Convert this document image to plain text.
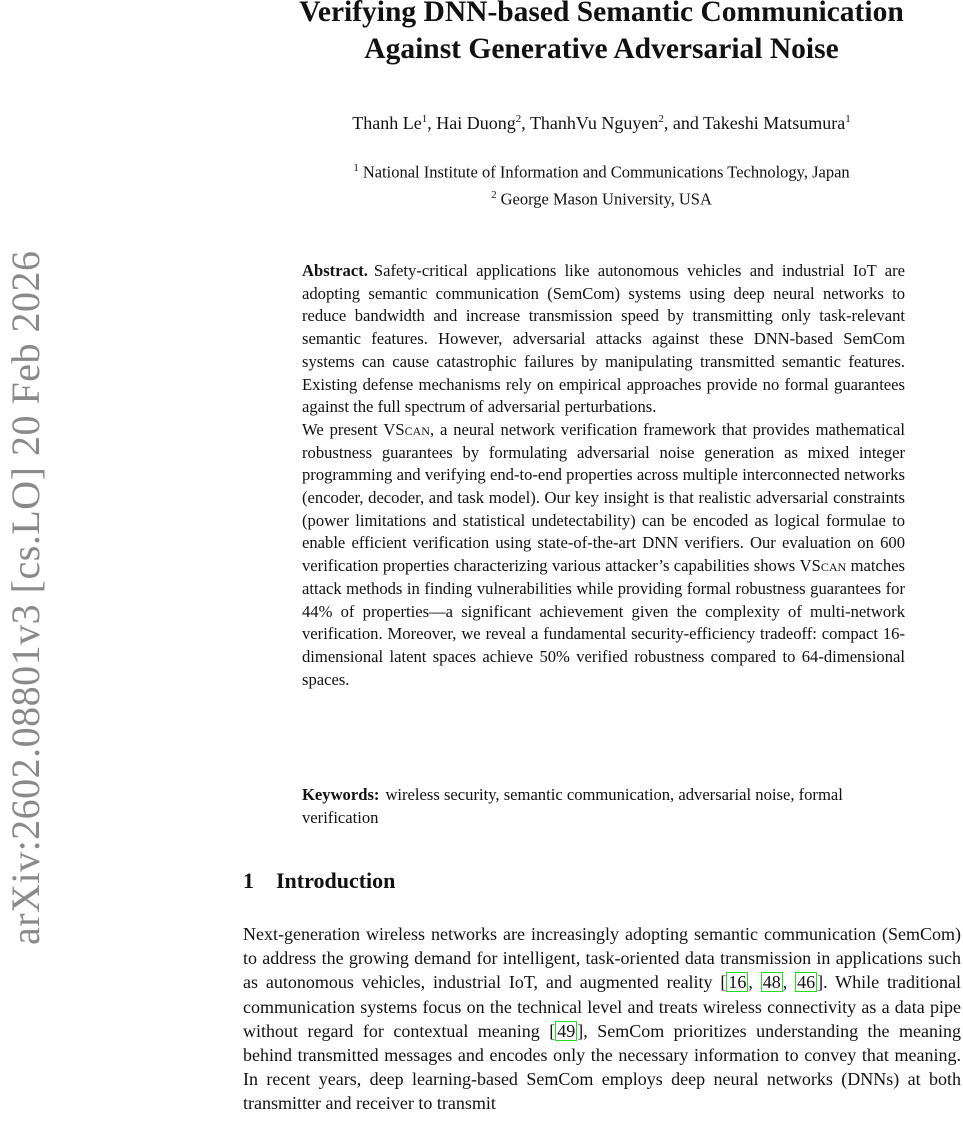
arXiv:2602.08801v3 [cs.LO] 20 Feb 2026
Verifying DNN-based Semantic Communication
Against Generative Adversarial Noise
Thanh Le$^1$, Hai Duong$^2$, ThanhVu Nguyen$^2$, and Takeshi Matsumura$^1$
$^1$ National Institute of Information and Communications Technology, Japan
$^2$ George Mason University, USA

Abstract. Safety-critical applications like autonomous vehicles and industrial IoT are adopting semantic communication (SemCom) systems using deep neural networks to reduce bandwidth and increase transmission speed by transmitting only task-relevant semantic features. However, adversarial attacks against these DNN-based SemCom systems can cause catastrophic failures by manipulating transmitted semantic features. Existing defense mechanisms rely on empirical approaches provide no formal guarantees against the full spectrum of adversarial perturbations.

We present VScan, a neural network verification framework that provides mathematical robustness guarantees by formulating adversarial noise generation as mixed integer programming and verifying end-to-end properties across multiple interconnected networks (encoder, decoder, and task model). Our key insight is that realistic adversarial constraints (power limitations and statistical undetectability) can be encoded as logical formulae to enable efficient verification using state-of-the-art DNN verifiers. Our evaluation on 600 verification properties characterizing various attacker’s capabilities shows VScan matches attack methods in finding vulnerabilities while providing formal robustness guarantees for 44% of properties—a significant achievement given the complexity of multi-network verification. Moreover, we reveal a fundamental security-efficiency tradeoff: compact 16-dimensional latent spaces achieve 50% verified robustness compared to 64-dimensional spaces.

Keywords: wireless security, semantic communication, adversarial noise, formal verification
1 Introduction

Next-generation wireless networks are increasingly adopting semantic communication (SemCom) to address the growing demand for intelligent, task-oriented data transmission in applications such as autonomous vehicles, industrial IoT, and augmented reality [ 16 , 48 , 46 ]. While traditional communication systems focus on the technical level and treats wireless connectivity as a data pipe without regard for contextual meaning [ 49 ], SemCom prioritizes understanding the meaning behind transmitted messages and encodes only the necessary information to convey that meaning. In recent years, deep learning-based SemCom employs deep neural networks (DNNs) at both transmitter and receiver to transmit
